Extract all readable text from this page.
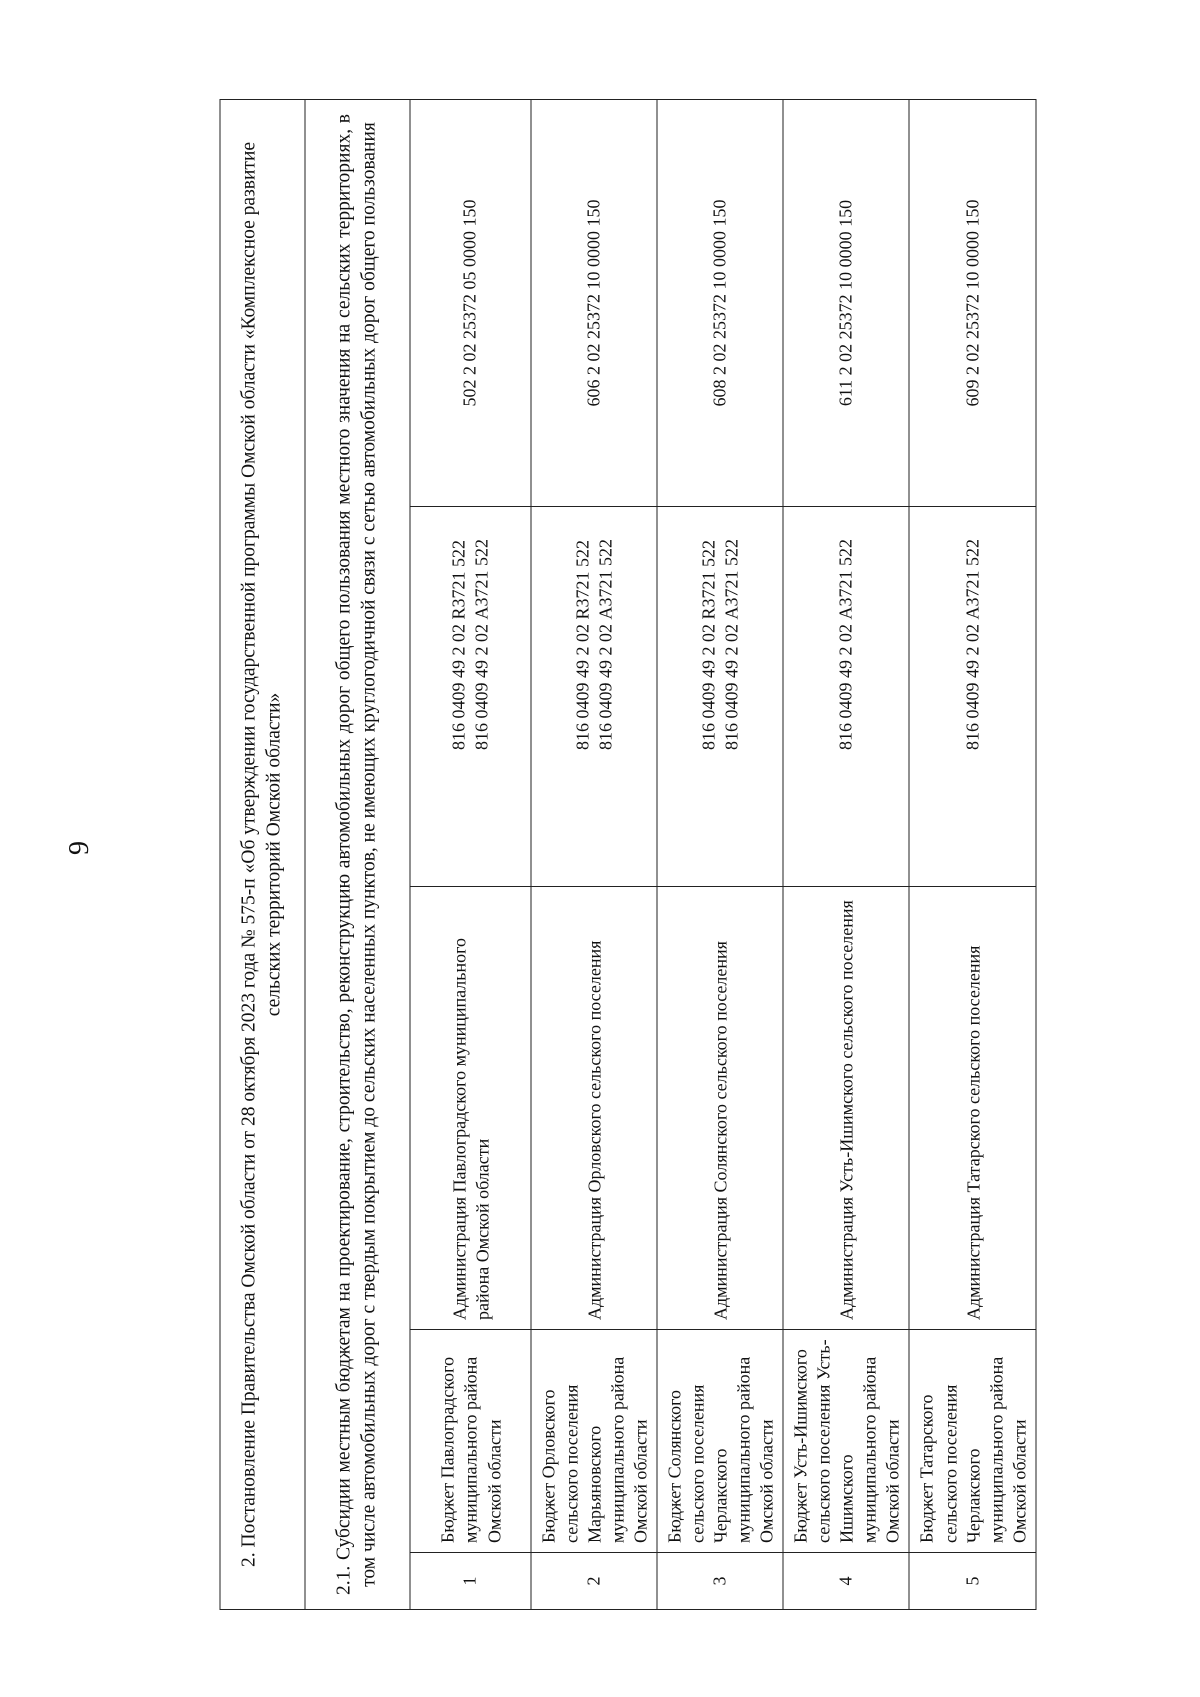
9	2. Постановление Правительства Омской области от 28 октября 2023 года № 575-п «Об утверждении государственной программы Омской области «Комплексное развитие сельских территорий Омской области»				
2.1. Субсидии местным бюджетам на проектирование, строительство, реконструкцию автомобильных дорог общего пользования местного значения на сельских территориях, в том числе автомобильных дорог с твердым покрытием до сельских населенных пунктов, не имеющих круглогодичной связи с сетью автомобильных дорог общего пользования				
1	Бюджет Павлоградского муниципального района Омской области	Администрация Павлоградского муниципального района Омской области	816 0409 49 2 02 R3721 522 816 0409 49 2 02 А3721 522	502 2 02 25372 05 0000 150
2	Бюджет Орловского сельского поселения Марьяновского муниципального района Омской области	Администрация Орловского сельского поселения	816 0409 49 2 02 R3721 522 816 0409 49 2 02 А3721 522	606 2 02 25372 10 0000 150
3	Бюджет Солянского сельского поселения Черлакского муниципального района Омской области	Администрация Солянского сельского поселения	816 0409 49 2 02 R3721 522 816 0409 49 2 02 А3721 522	608 2 02 25372 10 0000 150
4	Бюджет Усть-Ишимского сельского поселения Усть-Ишимского муниципального района Омской области	Администрация Усть-Ишимского сельского поселения	816 0409 49 2 02 А3721 522	611 2 02 25372 10 0000 150
5	Бюджет Татарского сельского поселения Черлакского муниципального района Омской области	Администрация Татарского сельского поселения	816 0409 49 2 02 А3721 522	609 2 02 25372 10 0000 150
